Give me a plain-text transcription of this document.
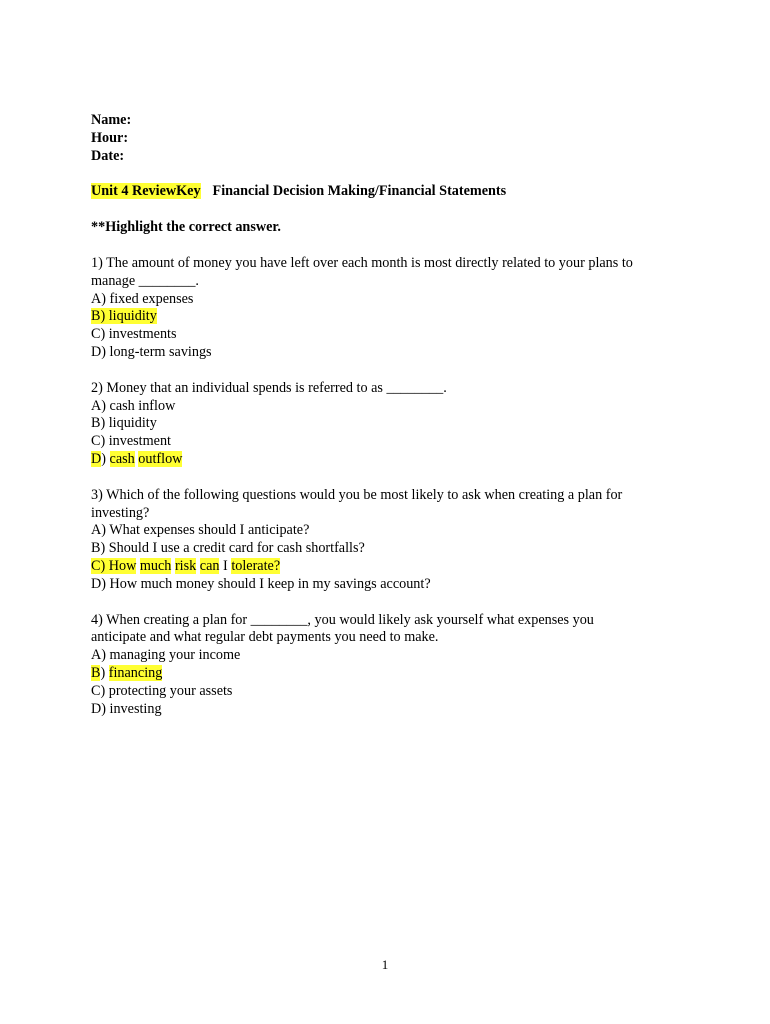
Name:
Hour:
Date:
Unit 4 ReviewKey Financial Decision Making/Financial Statements
**Highlight the correct answer.
1) The amount of money you have left over each month is most directly related to your plans to
manage ________.
A) fixed expenses
B) liquidity
C) investments
D) long-term savings
2) Money that an individual spends is referred to as ________.
A) cash inflow
B) liquidity
C) investment
D) cash outflow
3) Which of the following questions would you be most likely to ask when creating a plan for
investing?
A) What expenses should I anticipate?
B) Should I use a credit card for cash shortfalls?
C) How much risk can I tolerate?
D) How much money should I keep in my savings account?
4) When creating a plan for ________, you would likely ask yourself what expenses you
anticipate and what regular debt payments you need to make.
A) managing your income
B) financing
C) protecting your assets
D) investing
1
